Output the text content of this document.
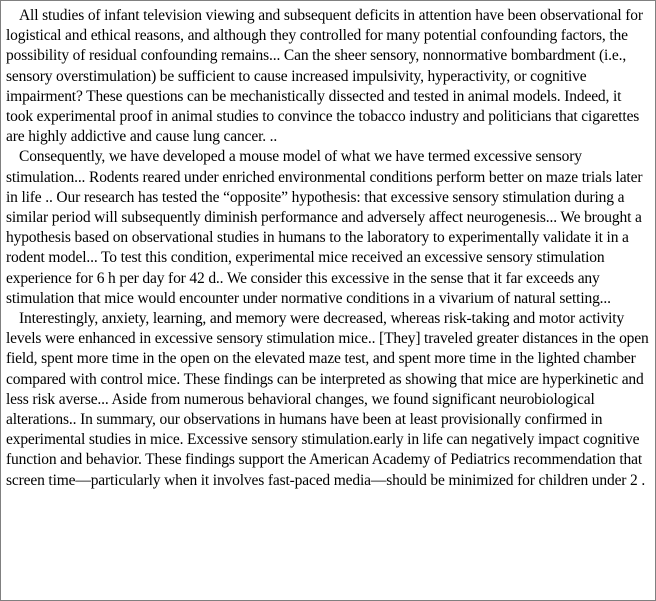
All studies of infant television viewing and subsequent deficits in attention have been observational for logistical and ethical reasons, and although they controlled for many potential confounding factors, the possibility of residual confounding remains... Can the sheer sensory, nonnormative bombardment (i.e., sensory overstimulation) be sufficient to cause increased impulsivity, hyperactivity, or cognitive impairment? These questions can be mechanistically dissected and tested in animal models. Indeed, it took experimental proof in animal studies to convince the tobacco industry and politicians that cigarettes are highly addictive and cause lung cancer. ..

Consequently, we have developed a mouse model of what we have termed excessive sensory stimulation... Rodents reared under enriched environmental conditions perform better on maze trials later in life .. Our research has tested the “opposite” hypothesis: that excessive sensory stimulation during a similar period will subsequently diminish performance and adversely affect neurogenesis... We brought a hypothesis based on observational studies in humans to the laboratory to experimentally validate it in a rodent model... To test this condition, experimental mice received an excessive sensory stimulation experience for 6 h per day for 42 d.. We consider this excessive in the sense that it far exceeds any stimulation that mice would encounter under normative conditions in a vivarium of natural setting...

Interestingly, anxiety, learning, and memory were decreased, whereas risk-taking and motor activity levels were enhanced in excessive sensory stimulation mice.. [They] traveled greater distances in the open field, spent more time in the open on the elevated maze test, and spent more time in the lighted chamber compared with control mice. These findings can be interpreted as showing that mice are hyperkinetic and less risk averse... Aside from numerous behavioral changes, we found significant neurobiological alterations.. In summary, our observations in humans have been at least provisionally confirmed in experimental studies in mice. Excessive sensory stimulation.early in life can negatively impact cognitive function and behavior. These findings support the American Academy of Pediatrics recommendation that screen time—particularly when it involves fast-paced media—should be minimized for children under 2 .
